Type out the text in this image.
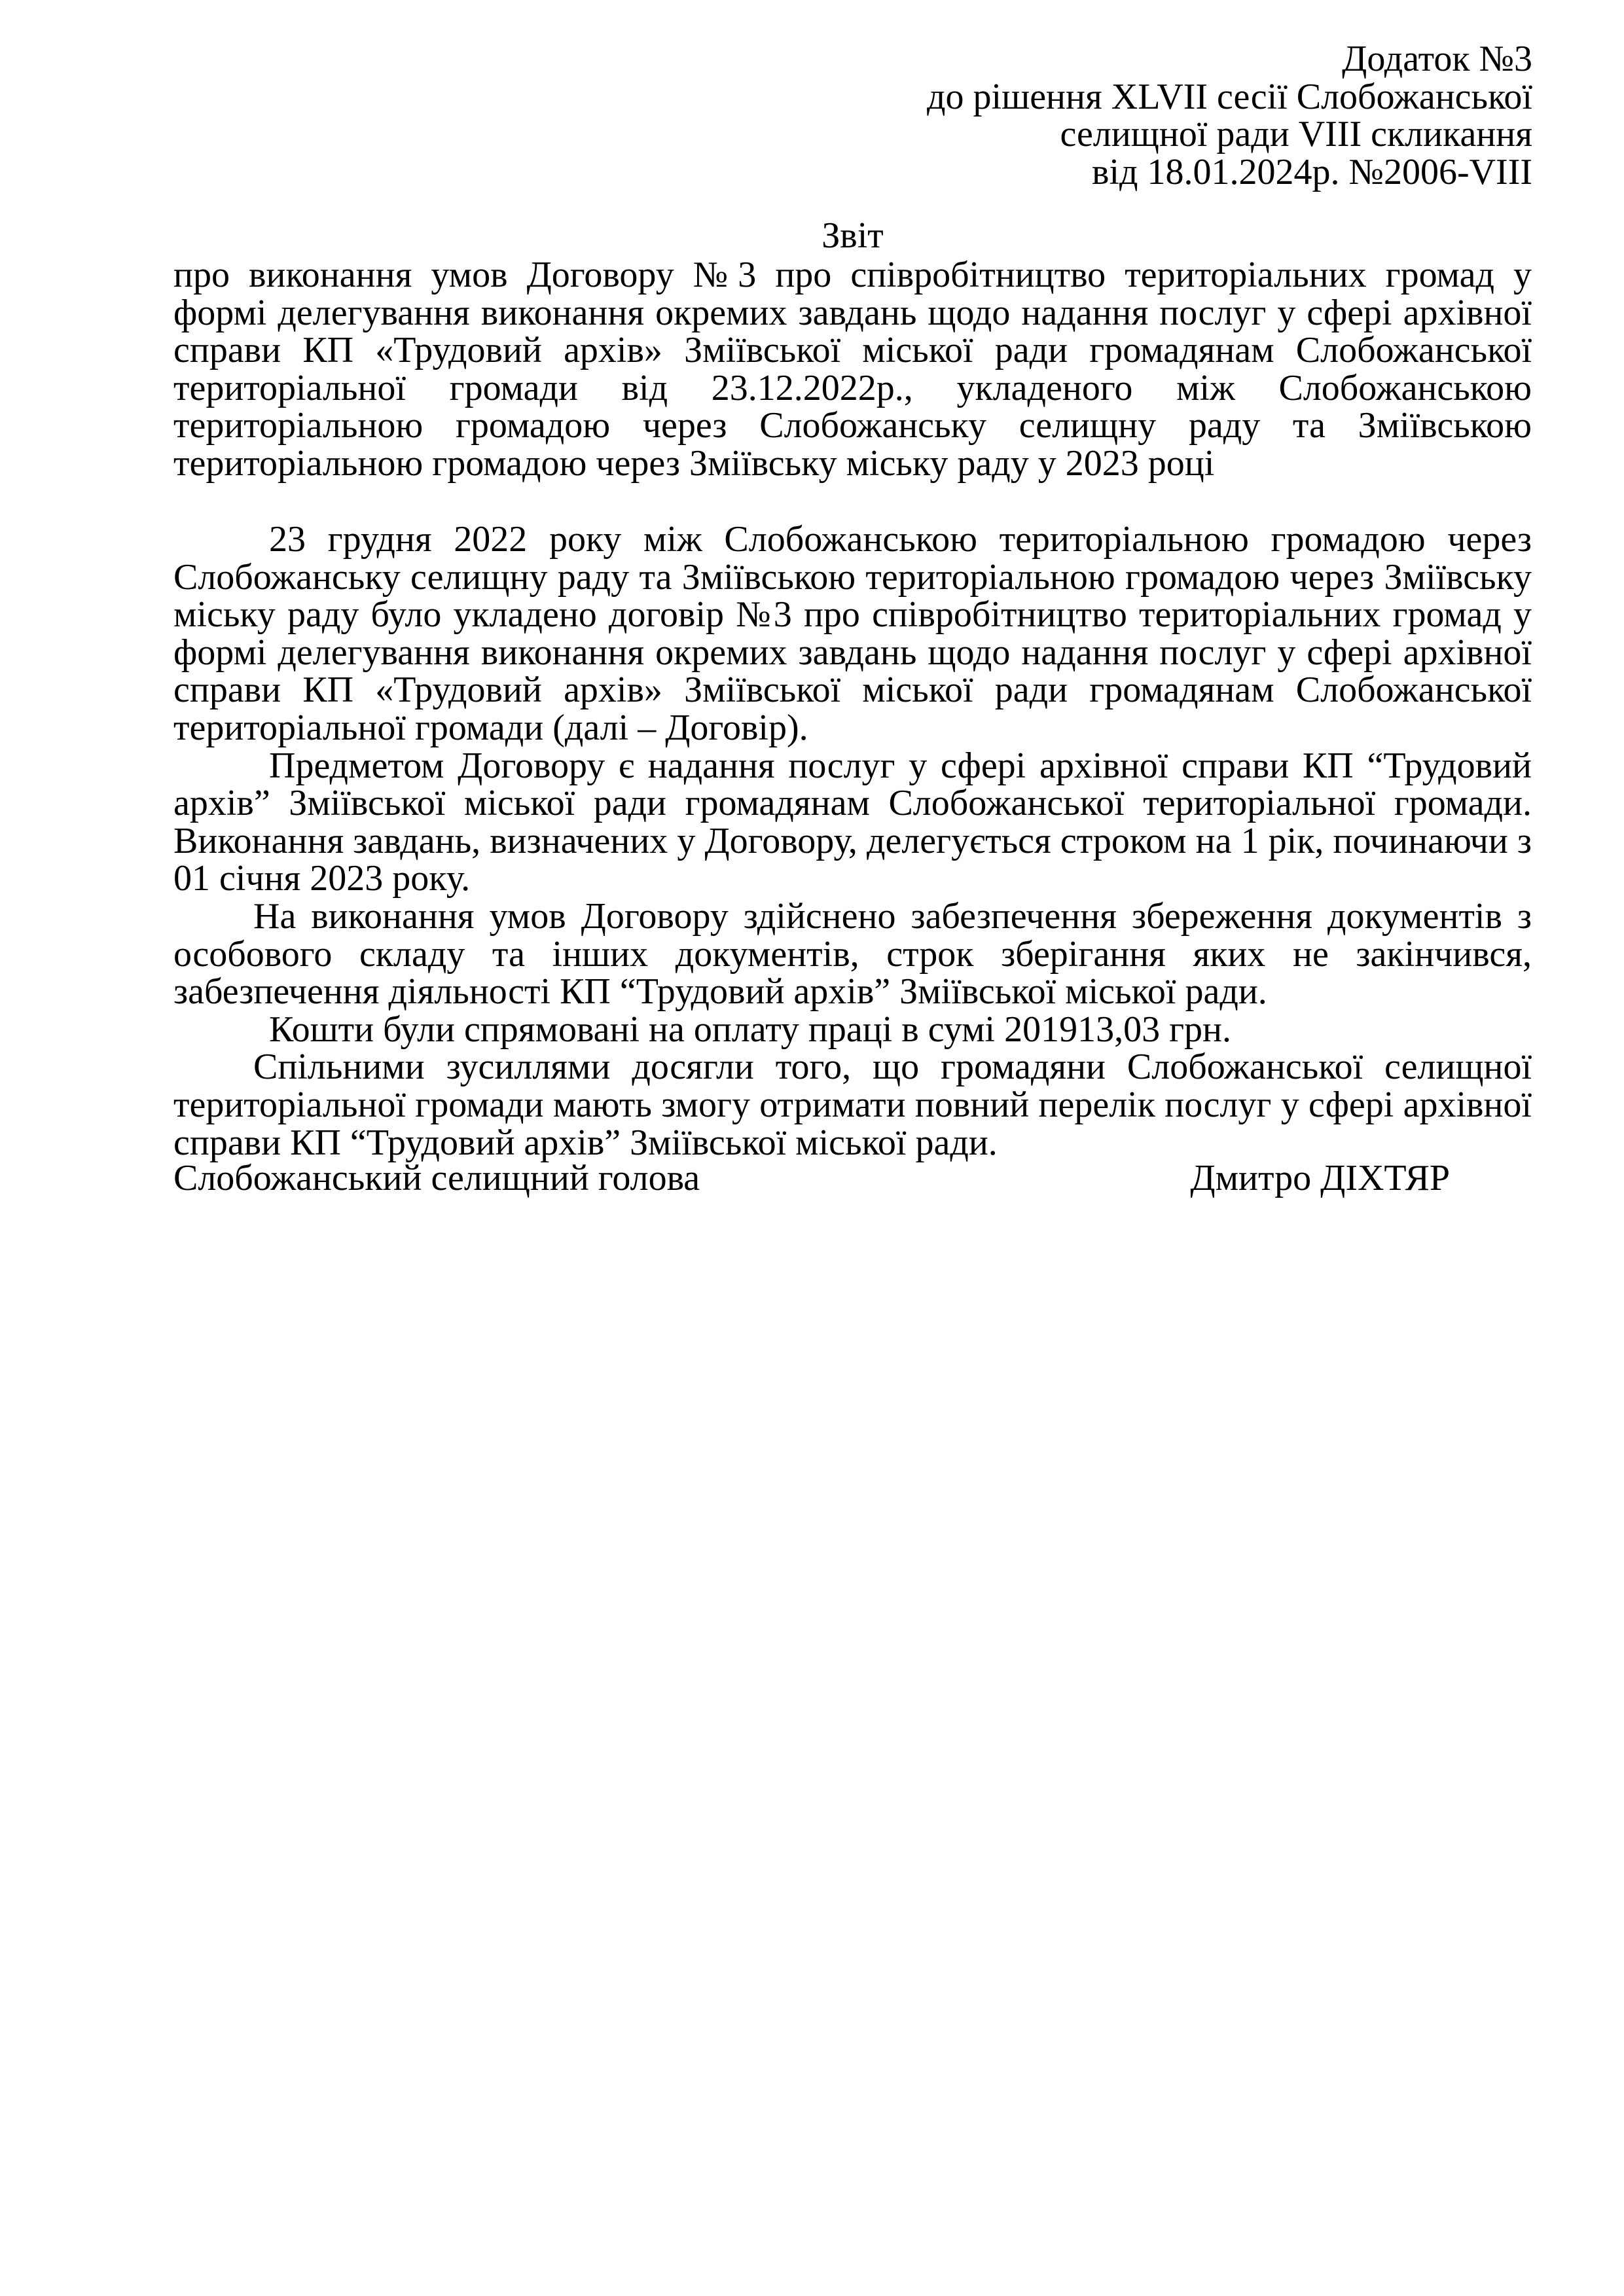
Додаток №3
до рішення XLVII сесії Слобожанської
селищної ради VIII скликання
від 18.01.2024р. №2006-VIII
Звіт
про виконання умов Договору №3 про співробітництво територіальних громад у формі делегування виконання окремих завдань щодо надання послуг у сфері архівної справи КП «Трудовий архів» Зміївської міської ради громадянам Слобожанської територіальної громади від 23.12.2022р., укладеного між Слобожанською територіальною громадою через Слобожанську селищну раду та Зміївською територіальною громадою через Зміївську міську раду у 2023 році

23 грудня 2022 року між Слобожанською територіальною громадою через Слобожанську селищну раду та Зміївською територіальною громадою через Зміївську міську раду було укладено договір №3 про співробітництво територіальних громад у формі делегування виконання окремих завдань щодо надання послуг у сфері архівної справи КП «Трудовий архів» Зміївської міської ради громадянам Слобожанської територіальної громади (далі – Договір).

Предметом Договору є надання послуг у сфері архівної справи КП “Трудовий архів” Зміївської міської ради громадянам Слобожанської територіальної громади. Виконання завдань, визначених у Договору, делегується строком на 1 рік, починаючи з 01 січня 2023 року.

На виконання умов Договору здійснено забезпечення збереження документів з особового складу та інших документів, строк зберігання яких не закінчився, забезпечення діяльності КП “Трудовий архів” Зміївської міської ради.

Кошти були спрямовані на оплату праці в сумі 201913,03 грн.

Спільними зусиллями досягли того, що громадяни Слобожанської селищної територіальної громади мають змогу отримати повний перелік послуг у сфері архівної справи КП “Трудовий архів” Зміївської міської ради.

Слобожанський селищний голова	Дмитро ДІХТЯР
